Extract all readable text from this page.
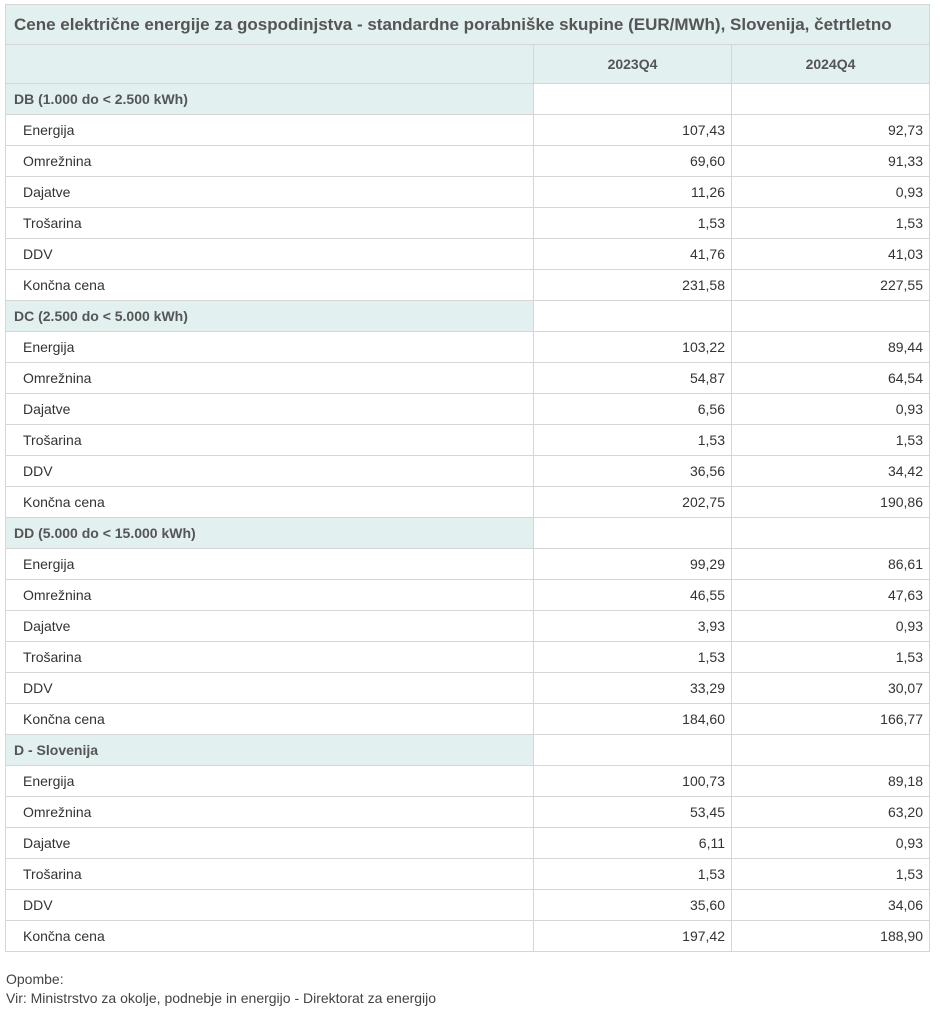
Cene električne energije za gospodinjstva - standardne porabniške skupine (EUR/MWh), Slovenija, četrtletno		
	2023Q4	2024Q4
DB (1.000 do < 2.500 kWh)		
Energija	107,43	92,73
Omrežnina	69,60	91,33
Dajatve	11,26	0,93
Trošarina	1,53	1,53
DDV	41,76	41,03
Končna cena	231,58	227,55
DC (2.500 do < 5.000 kWh)		
Energija	103,22	89,44
Omrežnina	54,87	64,54
Dajatve	6,56	0,93
Trošarina	1,53	1,53
DDV	36,56	34,42
Končna cena	202,75	190,86
DD (5.000 do < 15.000 kWh)		
Energija	99,29	86,61
Omrežnina	46,55	47,63
Dajatve	3,93	0,93
Trošarina	1,53	1,53
DDV	33,29	30,07
Končna cena	184,60	166,77
D - Slovenija		
Energija	100,73	89,18
Omrežnina	53,45	63,20
Dajatve	6,11	0,93
Trošarina	1,53	1,53
DDV	35,60	34,06
Končna cena	197,42	188,90
Opombe:
Vir: Ministrstvo za okolje, podnebje in energijo - Direktorat za energijo
